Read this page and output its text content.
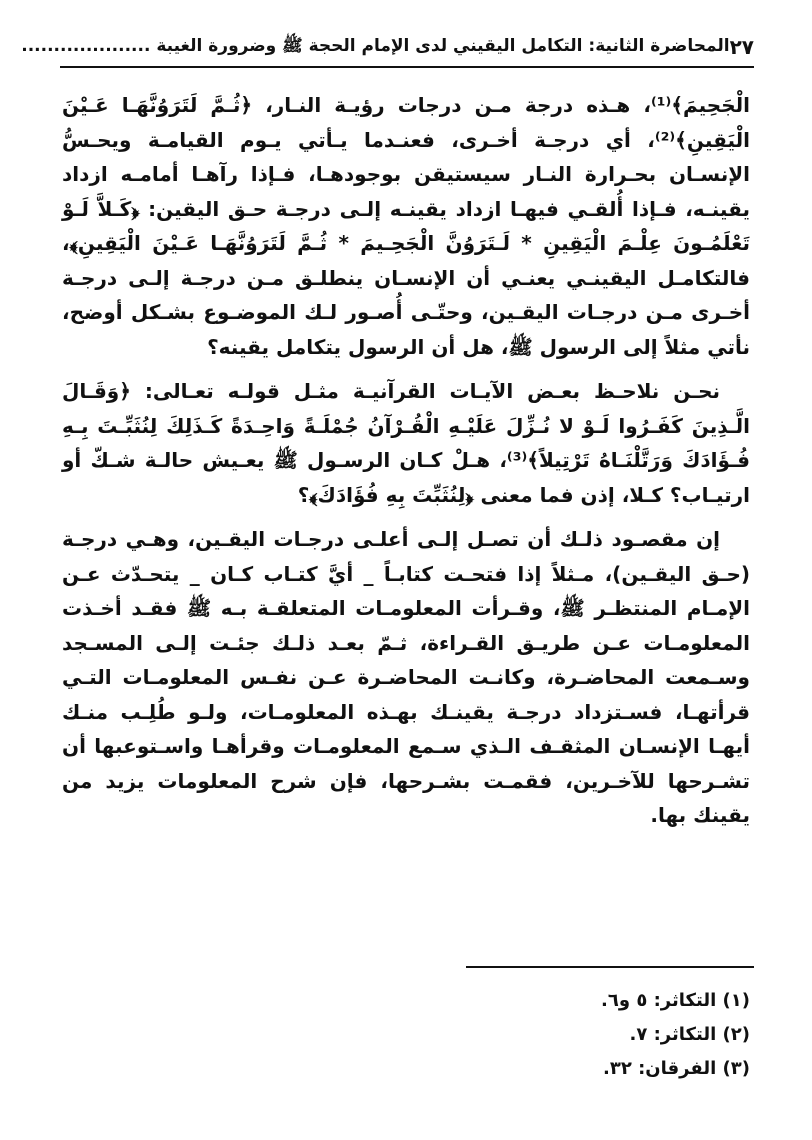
٢٧
المحاضرة الثانية: التكامل اليقيني لدى الإمام الحجة ﷺ وضرورة الغيبة ....................

الْجَحِيمَ﴾⁽¹⁾، هـذه درجة مـن درجات رؤيـة النـار، ﴿ثُـمَّ لَتَرَوُنَّهَـا عَـيْنَ الْيَقِينِ﴾⁽²⁾، أي درجـة أخـرى، فعنـدما يـأتي يـوم القيامـة ويحـسُّ الإنسـان بحـرارة النـار سيستيقن بوجودهـا، فـإذا رآهـا أمامـه ازداد يقينـه، فـإذا أُلقـي فيهـا ازداد يقينـه إلـى درجـة حـق اليقين: ﴿كَـلاَّ لَـوْ تَعْلَمُـونَ عِلْـمَ الْيَقِينِ * لَـتَرَوُنَّ الْجَحِـيمَ * ثُـمَّ لَتَرَوُنَّهَـا عَـيْنَ الْيَقِينِ﴾، فالتكامـل اليقينـي يعنـي أن الإنسـان ينطلـق مـن درجـة إلـى درجـة أخـرى مـن درجـات اليقـين، وحتّـى أُصـور لـك الموضـوع بشـكل أوضح، نأتي مثلاً إلى الرسول ﷺ، هل أن الرسول يتكامل يقينه؟

نحـن نلاحـظ بعـض الآيـات القرآنيـة مثـل قولـه تعـالى: ﴿وَقَـالَ الَّـذِينَ كَفَـرُوا لَـوْ لا نُـزِّلَ عَلَيْـهِ الْقُـرْآنُ جُمْلَـةً وَاحِـدَةً كَـذَلِكَ لِنُثَبِّـتَ بِـهِ فُـؤَادَكَ وَرَتَّلْنَـاهُ تَرْتِيلاً﴾⁽³⁾، هـلْ كـان الرسـول ﷺ يعـيش حالـة شـكّ أو ارتيـاب؟ كـلا، إذن فما معنى ﴿لِنُثَبِّتَ بِهِ فُؤَادَكَ﴾؟

إن مقصـود ذلـك أن تصـل إلـى أعلـى درجـات اليقـين، وهـي درجـة (حـق اليقـين)، مـثلاً إذا فتحـت كتابـاً _ أيَّ كتـاب كـان _ يتحـدّث عـن الإمـام المنتظـر ﷺ، وقـرأت المعلومـات المتعلقـة بـه ﷺ فقـد أخـذت المعلومـات عـن طريـق القـراءة، ثـمّ بعـد ذلـك جئـت إلـى المسـجد وسـمعت المحاضـرة، وكانـت المحاضـرة عـن نفـس المعلومـات التـي قرأتهـا، فسـتزداد درجـة يقينـك بهـذه المعلومـات، ولـو طُلِـب منـك أيهـا الإنسـان المثقـف الـذي سـمع المعلومـات وقرأهـا واسـتوعبها أن تشـرحها للآخـرين، فقمـت بشـرحها، فإن شرح المعلومات يزيد من يقينك بها.

(١) التكاثر: ٥ و٦.
(٢) التكاثر: ٧.
(٣) الفرقان: ٣٢.
